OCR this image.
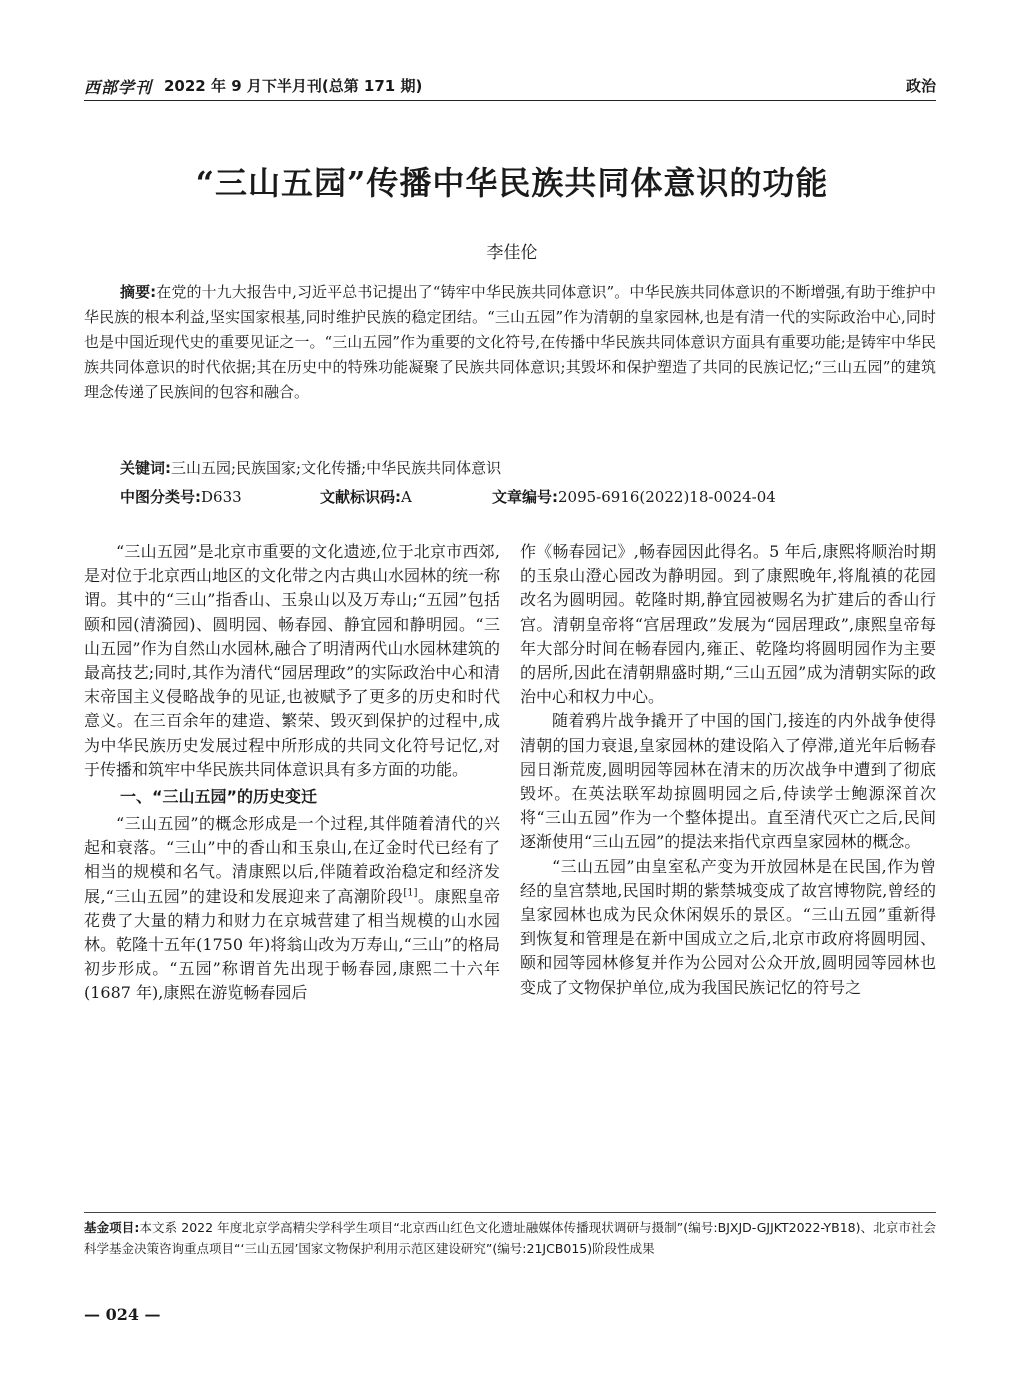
西部学刊 2022 年 9 月下半月刊(总第 171 期)	政治
“三山五园”传播中华民族共同体意识的功能
李佳伦
摘要:在党的十九大报告中,习近平总书记提出了“铸牢中华民族共同体意识”。中华民族共同体意识的不断增强,有助于维护中华民族的根本利益,坚实国家根基,同时维护民族的稳定团结。“三山五园”作为清朝的皇家园林,也是有清一代的实际政治中心,同时也是中国近现代史的重要见证之一。“三山五园”作为重要的文化符号,在传播中华民族共同体意识方面具有重要功能;是铸牢中华民族共同体意识的时代依据;其在历史中的特殊功能凝聚了民族共同体意识;其毁坏和保护塑造了共同的民族记忆;“三山五园”的建筑理念传递了民族间的包容和融合。
关键词:三山五园;民族国家;文化传播;中华民族共同体意识
中图分类号:D633	文献标识码:A	文章编号:2095-6916(2022)18-0024-04

“三山五园”是北京市重要的文化遗迹,位于北京市西郊,是对位于北京西山地区的文化带之内古典山水园林的统一称谓。其中的“三山”指香山、玉泉山以及万寿山;“五园”包括颐和园(清漪园)、圆明园、畅春园、静宜园和静明园。“三山五园”作为自然山水园林,融合了明清两代山水园林建筑的最高技艺;同时,其作为清代“园居理政”的实际政治中心和清末帝国主义侵略战争的见证,也被赋予了更多的历史和时代意义。在三百余年的建造、繁荣、毁灭到保护的过程中,成为中华民族历史发展过程中所形成的共同文化符号记忆,对于传播和筑牢中华民族共同体意识具有多方面的功能。

一、“三山五园”的历史变迁

“三山五园”的概念形成是一个过程,其伴随着清代的兴起和衰落。“三山”中的香山和玉泉山,在辽金时代已经有了相当的规模和名气。清康熙以后,伴随着政治稳定和经济发展,“三山五园”的建设和发展迎来了高潮阶段[1]。康熙皇帝花费了大量的精力和财力在京城营建了相当规模的山水园林。乾隆十五年(1750 年)将翁山改为万寿山,“三山”的格局初步形成。“五园”称谓首先出现于畅春园,康熙二十六年(1687 年),康熙在游览畅春园后

作《畅春园记》,畅春园因此得名。5 年后,康熙将顺治时期的玉泉山澄心园改为静明园。到了康熙晚年,将胤禛的花园改名为圆明园。乾隆时期,静宜园被赐名为扩建后的香山行宫。清朝皇帝将“宫居理政”发展为“园居理政”,康熙皇帝每年大部分时间在畅春园内,雍正、乾隆均将圆明园作为主要的居所,因此在清朝鼎盛时期,“三山五园”成为清朝实际的政治中心和权力中心。

随着鸦片战争撬开了中国的国门,接连的内外战争使得清朝的国力衰退,皇家园林的建设陷入了停滞,道光年后畅春园日渐荒废,圆明园等园林在清末的历次战争中遭到了彻底毁坏。在英法联军劫掠圆明园之后,侍读学士鲍源深首次将“三山五园”作为一个整体提出。直至清代灭亡之后,民间逐渐使用“三山五园”的提法来指代京西皇家园林的概念。

“三山五园”由皇室私产变为开放园林是在民国,作为曾经的皇宫禁地,民国时期的紫禁城变成了故宫博物院,曾经的皇家园林也成为民众休闲娱乐的景区。“三山五园”重新得到恢复和管理是在新中国成立之后,北京市政府将圆明园、颐和园等园林修复并作为公园对公众开放,圆明园等园林也变成了文物保护单位,成为我国民族记忆的符号之

基金项目:本文系 2022 年度北京学高精尖学科学生项目“北京西山红色文化遗址融媒体传播现状调研与摄制”(编号:BJXJD-GJJKT2022-YB18)、北京市社会科学基金决策咨询重点项目“‘三山五园’国家文物保护利用示范区建设研究”(编号:21JCB015)阶段性成果
— 024 —
